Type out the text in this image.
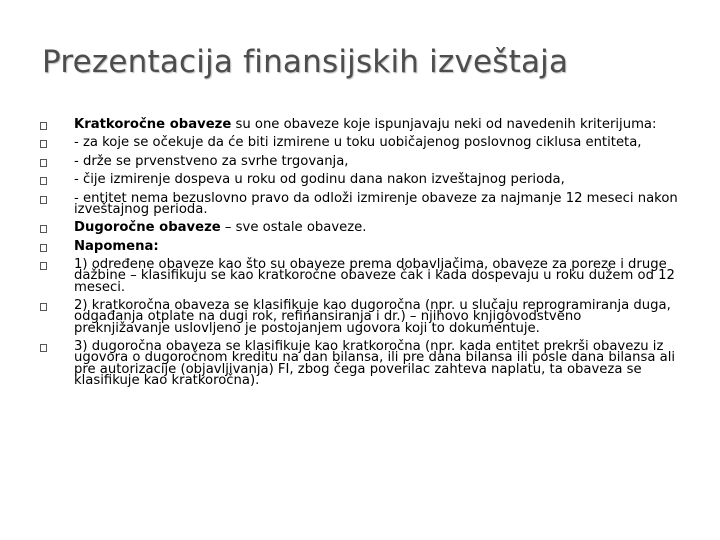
Prezentacija finansijskih izveštaja
Kratkoročne obaveze su one obaveze koje ispunjavaju neki od navedenih kriterijuma:
- za koje se očekuje da će biti izmirene u toku uobičajenog poslovnog ciklusa entiteta,
- drže se prvenstveno za svrhe trgovanja,
- čije izmirenje dospeva u roku od godinu dana nakon izveštajnog perioda,
- entitet nema bezuslovno pravo da odloži izmirenje obaveze za najmanje 12 meseci nakon izveštajnog perioda.
Dugoročne obaveze – sve ostale obaveze.
Napomena:
1) određene obaveze kao što su obaveze prema dobavljačima, obaveze za poreze i druge dažbine – klasifikuju se kao kratkoročne obaveze čak i kada dospevaju u roku dužem od 12 meseci.
2) kratkoročna obaveza se klasifikuje kao dugoročna (npr. u slučaju reprogramiranja duga, odgađanja otplate na dugi rok, refinansiranja i dr.) – njihovo knjigovodstveno preknjižavanje uslovljeno je postojanjem ugovora koji to dokumentuje.
3) dugoročna obaveza se klasifikuje kao kratkoročna (npr. kada entitet prekrši obavezu iz ugovora o dugoročnom kreditu na dan bilansa, ili pre dana bilansa ili posle dana bilansa ali pre autorizacije (objavljivanja) FI, zbog čega poverilac zahteva naplatu, ta obaveza se klasifikuje kao kratkoročna).
